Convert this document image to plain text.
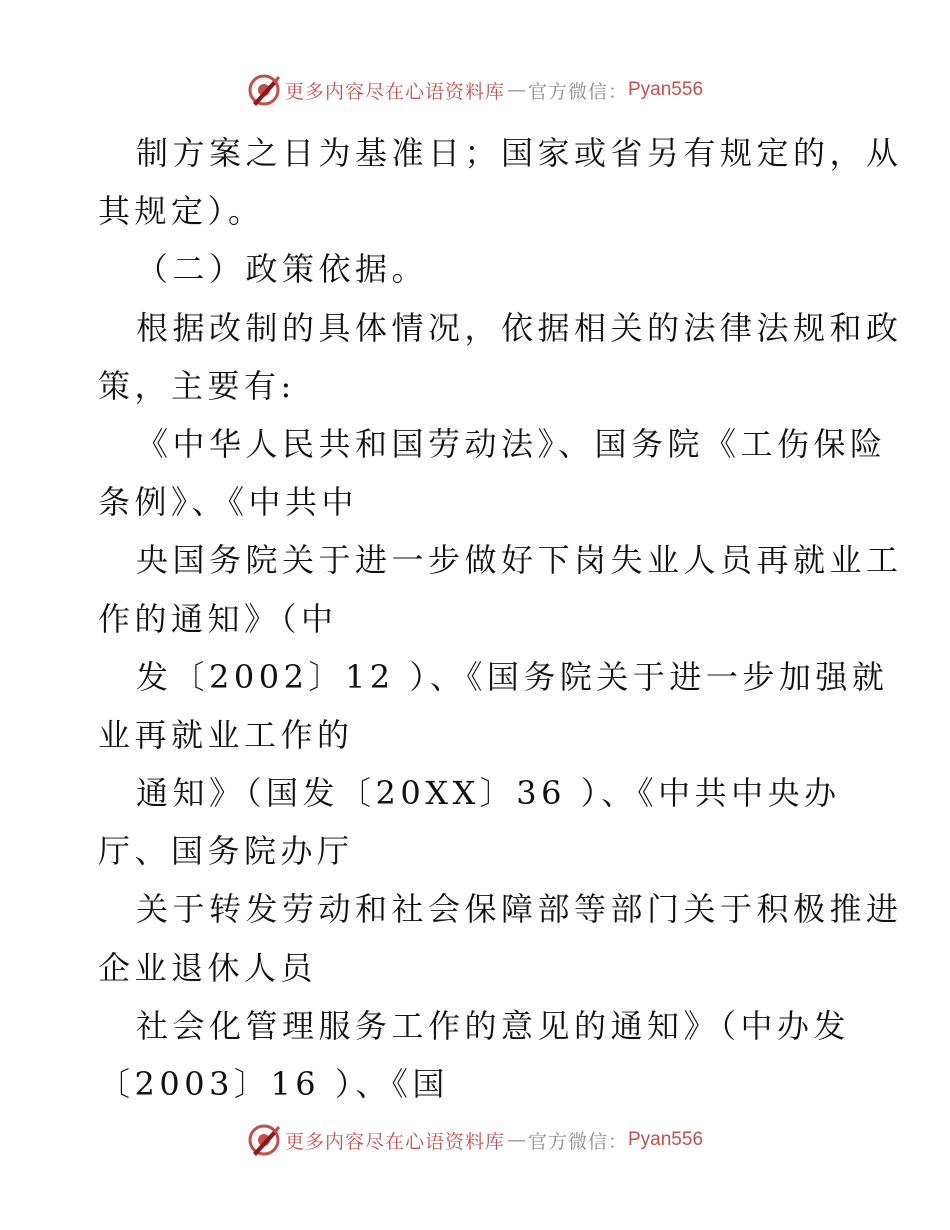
更多内容尽在心语资料库 — 官方微信： Pyan556
制方案之日为基准日；国家或省另有规定的，从
其规定）。
（二）政策依据。
根据改制的具体情况，依据相关的法律法规和政
策，主要有:
《中华人民共和国劳动法》、国务院《工伤保险
条例》、《中共中
央国务院关于进一步做好下岗失业人员再就业工
作的通知》（中
发〔2002〕12 ）、《国务院关于进一步加强就
业再就业工作的
通知》（国发〔20XX〕36 ）、《中共中央办
厅、国务院办厅
关于转发劳动和社会保障部等部门关于积极推进
企业退休人员
社会化管理服务工作的意见的通知》（中办发
〔2003〕16 ）、《国
更多内容尽在心语资料库 — 官方微信： Pyan556
